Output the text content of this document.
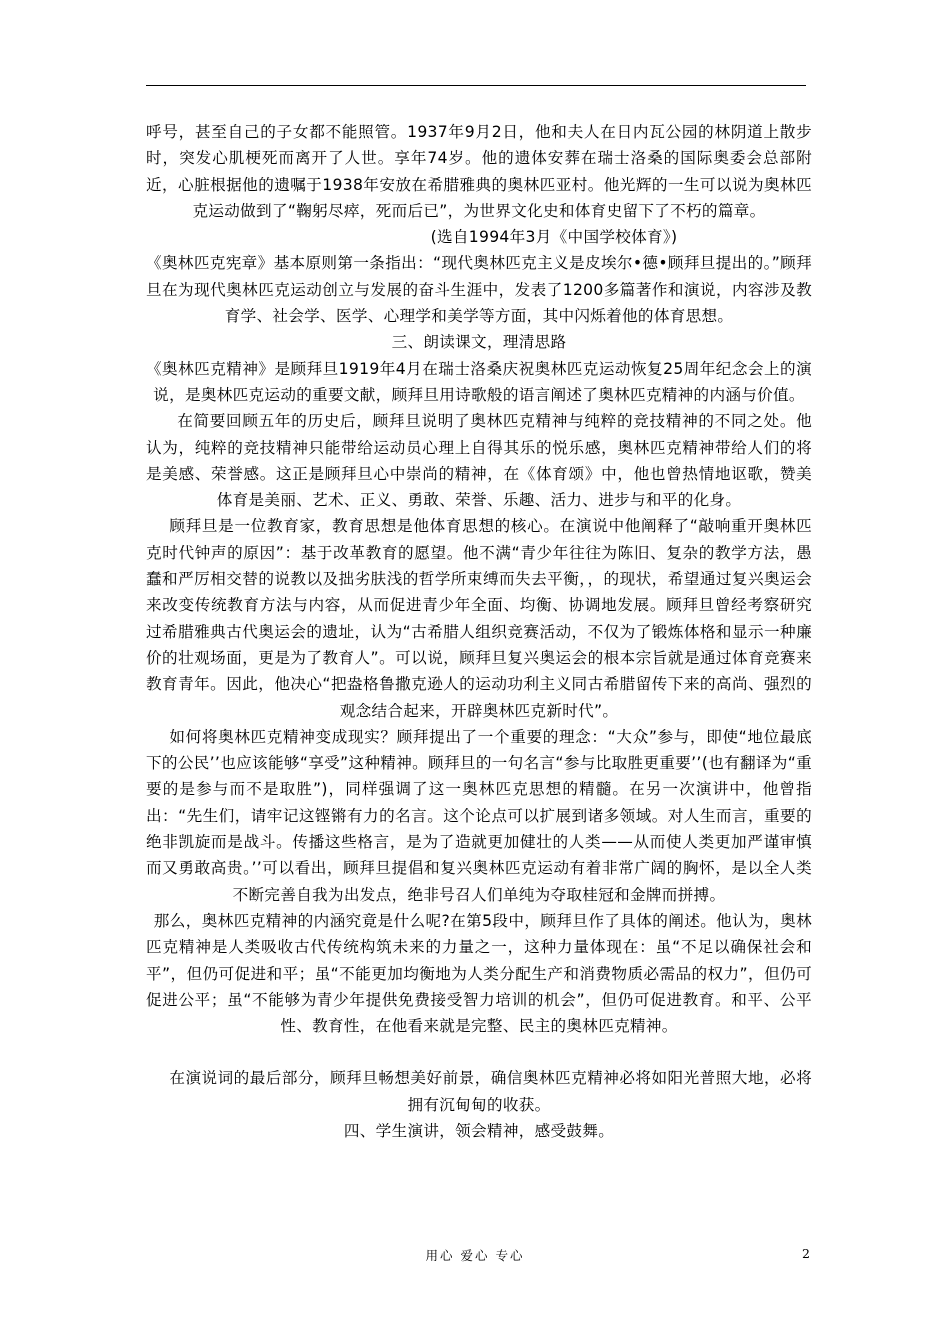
呼号，甚至自己的子女都不能照管。1937年9月2日，他和夫人在日内瓦公园的林阴道上散步时，突发心肌梗死而离开了人世。享年74岁。他的遗体安葬在瑞士洛桑的国际奥委会总部附近，心脏根据他的遗嘱于1938年安放在希腊雅典的奥林匹亚村。他光辉的一生可以说为奥林匹克运动做到了“鞠躬尽瘁，死而后已”，为世界文化史和体育史留下了不朽的篇章。

(选自1994年3月《中国学校体育》)

《奥林匹克宪章》基本原则第一条指出：“现代奥林匹克主义是皮埃尔•德•顾拜旦提出的。”顾拜旦在为现代奥林匹克运动创立与发展的奋斗生涯中，发表了1200多篇著作和演说，内容涉及教育学、社会学、医学、心理学和美学等方面，其中闪烁着他的体育思想。

三、朗读课文，理清思路

《奥林匹克精神》是顾拜旦1919年4月在瑞士洛桑庆祝奥林匹克运动恢复25周年纪念会上的演说，是奥林匹克运动的重要文献，顾拜旦用诗歌般的语言阐述了奥林匹克精神的内涵与价值。

在简要回顾五年的历史后，顾拜旦说明了奥林匹克精神与纯粹的竞技精神的不同之处。他认为，纯粹的竞技精神只能带给运动员心理上自得其乐的悦乐感，奥林匹克精神带给人们的将是美感、荣誉感。这正是顾拜旦心中崇尚的精神，在《体育颂》中，他也曾热情地讴歌，赞美体育是美丽、艺术、正义、勇敢、荣誉、乐趣、活力、进步与和平的化身。

顾拜旦是一位教育家，教育思想是他体育思想的核心。在演说中他阐释了“敲响重开奥林匹克时代钟声的原因”：基于改革教育的愿望。他不满“青少年往往为陈旧、复杂的教学方法，愚蠢和严厉相交替的说教以及拙劣肤浅的哲学所束缚而失去平衡，，的现状，希望通过复兴奥运会来改变传统教育方法与内容，从而促进青少年全面、均衡、协调地发展。顾拜旦曾经考察研究过希腊雅典古代奥运会的遗址，认为“古希腊人组织竞赛活动，不仅为了锻炼体格和显示一种廉价的壮观场面，更是为了教育人”。可以说，顾拜旦复兴奥运会的根本宗旨就是通过体育竞赛来教育青年。因此，他决心“把盎格鲁撒克逊人的运动功利主义同古希腊留传下来的高尚、强烈的观念结合起来，开辟奥林匹克新时代”。

如何将奥林匹克精神变成现实？顾拜提出了一个重要的理念：“大众”参与，即使“地位最底下的公民’’也应该能够“享受”这种精神。顾拜旦的一句名言“参与比取胜更重要’’(也有翻译为“重要的是参与而不是取胜”)，同样强调了这一奥林匹克思想的精髓。在另一次演讲中，他曾指出：“先生们，请牢记这铿锵有力的名言。这个论点可以扩展到诸多领域。对人生而言，重要的绝非凯旋而是战斗。传播这些格言，是为了造就更加健壮的人类——从而使人类更加严谨审慎而又勇敢高贵。’’可以看出，顾拜旦提倡和复兴奥林匹克运动有着非常广阔的胸怀，是以全人类不断完善自我为出发点，绝非号召人们单纯为夺取桂冠和金牌而拼搏。

那么，奥林匹克精神的内涵究竟是什么呢?在第5段中，顾拜旦作了具体的阐述。他认为，奥林匹克精神是人类吸收古代传统构筑未来的力量之一，这种力量体现在：虽“不足以确保社会和平”，但仍可促进和平；虽“不能更加均衡地为人类分配生产和消费物质必需品的权力”，但仍可促进公平；虽“不能够为青少年提供免费接受智力培训的机会”，但仍可促进教育。和平、公平性、教育性，在他看来就是完整、民主的奥林匹克精神。

在演说词的最后部分，顾拜旦畅想美好前景，确信奥林匹克精神必将如阳光普照大地，必将拥有沉甸甸的收获。

四、学生演讲，领会精神，感受鼓舞。

用心 爱心 专心	2
